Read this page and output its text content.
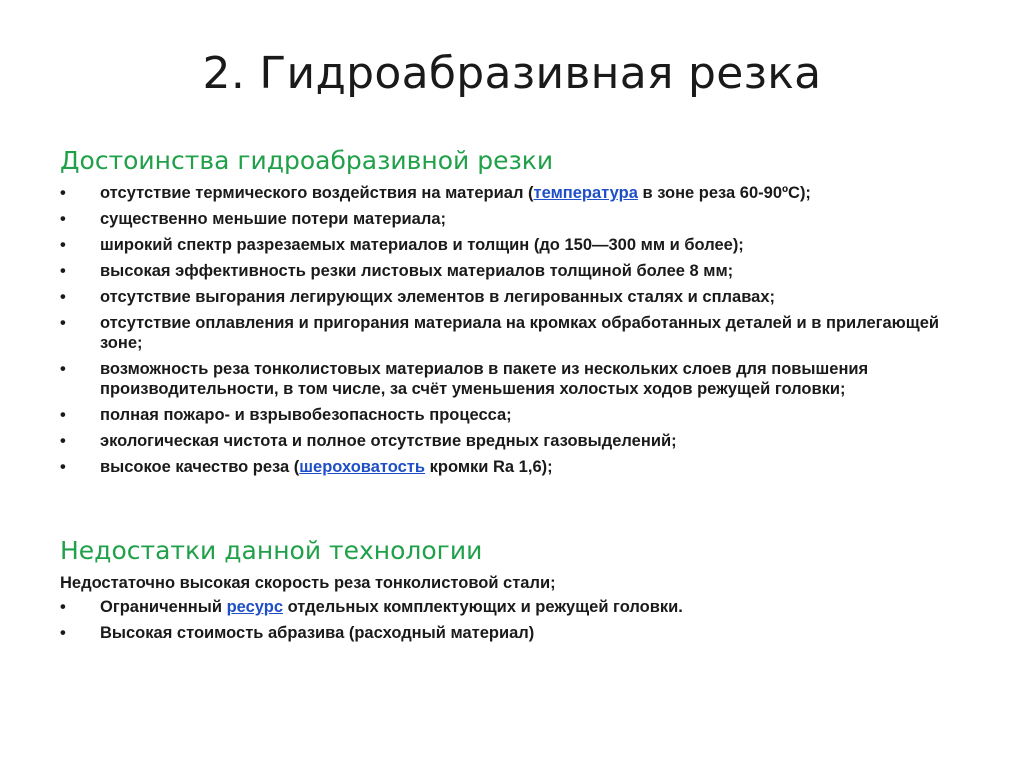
2. Гидроабразивная резка
Достоинства гидроабразивной резки
• отсутствие термического воздействия на материал (температура в зоне реза 60-90ºC);
• существенно меньшие потери материала;
• широкий спектр разрезаемых материалов и толщин (до 150—300 мм и более);
• высокая эффективность резки листовых материалов толщиной более 8 мм;
• отсутствие выгорания легирующих элементов в легированных сталях и сплавах;
• отсутствие оплавления и пригорания материала на кромках обработанных деталей и в прилегающей зоне;
• возможность реза тонколистовых материалов в пакете из нескольких слоев для повышения производительности, в том числе, за счёт уменьшения холостых ходов режущей головки;
• полная пожаро- и взрывобезопасность процесса;
• экологическая чистота и полное отсутствие вредных газовыделений;
• высокое качество реза (шероховатость кромки Ra 1,6);
Недостатки данной технологии

Недостаточно высокая скорость реза тонколистовой стали;

• Ограниченный ресурс отдельных комплектующих и режущей головки.
• Высокая стоимость абразива (расходный материал)
